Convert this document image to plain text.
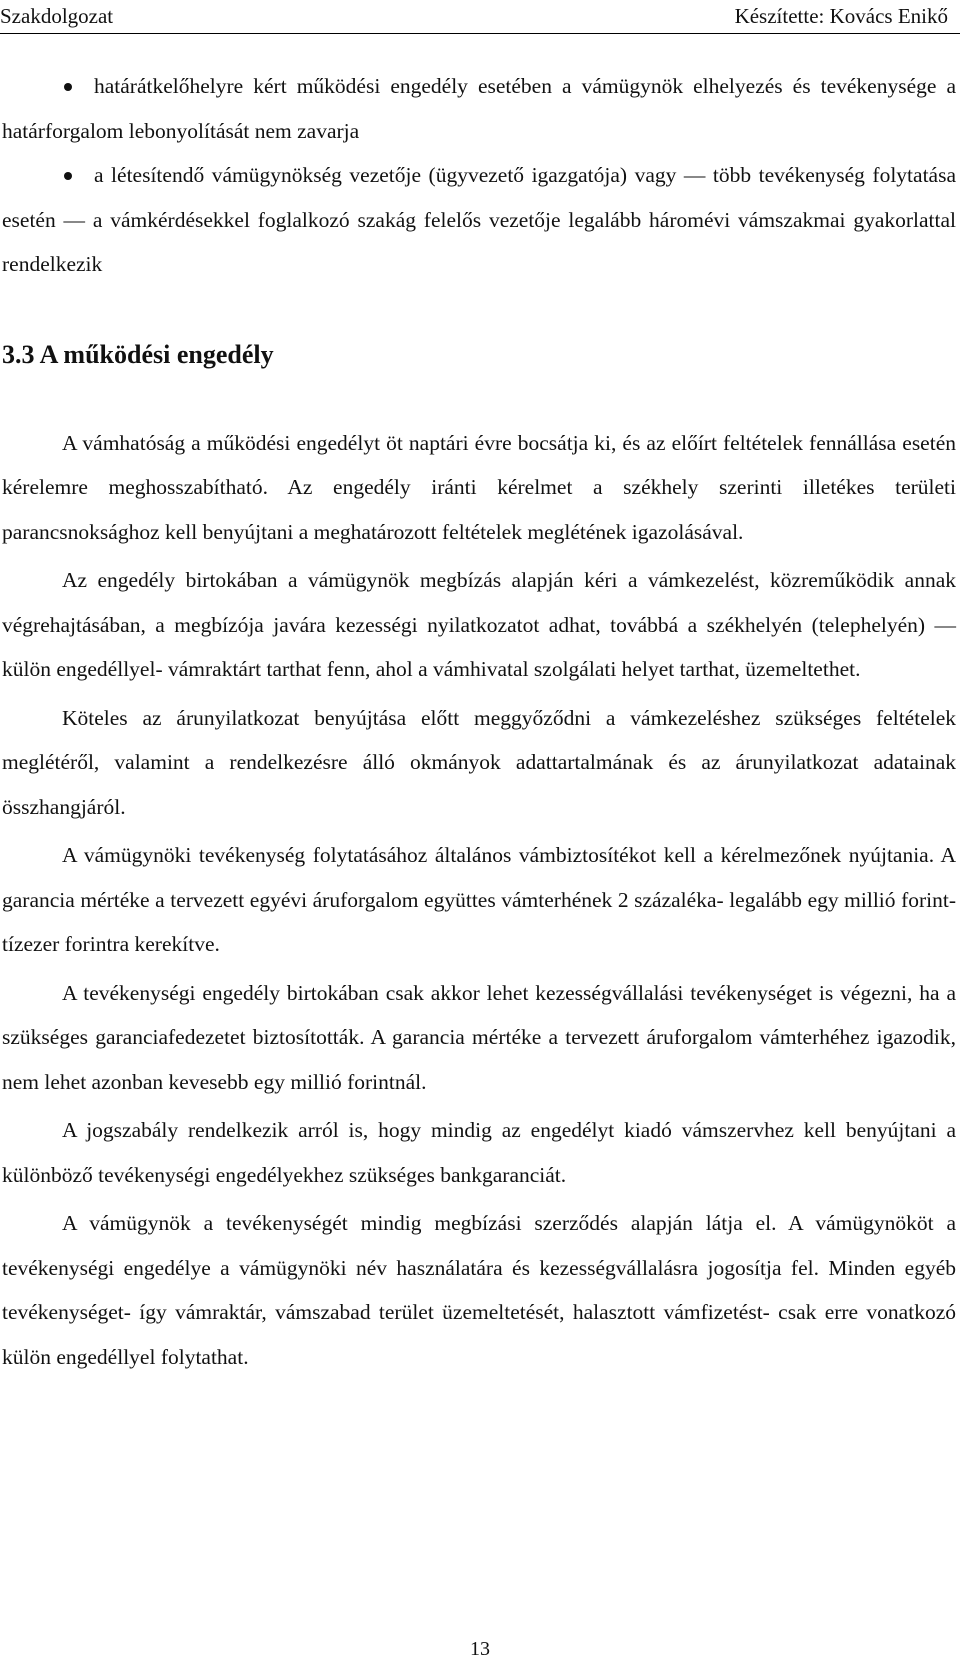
Szakdolgozat	Készítette: Kovács Enikő
határátkelőhelyre kért működési engedély esetében a vámügynök elhelyezés és tevékenysége a határforgalom lebonyolítását nem zavarja
a létesítendő vámügynökség vezetője (ügyvezető igazgatója) vagy — több tevékenység folytatása esetén — a vámkérdésekkel foglalkozó szakág felelős vezetője legalább háromévi vámszakmai gyakorlattal rendelkezik
3.3 A működési engedély

A vámhatóság a működési engedélyt öt naptári évre bocsátja ki, és az előírt feltételek fennállása esetén kérelemre meghosszabítható. Az engedély iránti kérelmet a székhely szerinti illetékes területi parancsnoksághoz kell benyújtani a meghatározott feltételek meglétének igazolásával.

Az engedély birtokában a vámügynök megbízás alapján kéri a vámkezelést, közreműködik annak végrehajtásában, a megbízója javára kezességi nyilatkozatot adhat, továbbá a székhelyén (telephelyén) — külön engedéllyel- vámraktárt tarthat fenn, ahol a vámhivatal szolgálati helyet tarthat, üzemeltethet.

Köteles az árunyilatkozat benyújtása előtt meggyőződni a vámkezeléshez szükséges feltételek meglétéről, valamint a rendelkezésre álló okmányok adattartalmának és az árunyilatkozat adatainak összhangjáról.

A vámügynöki tevékenység folytatásához általános vámbiztosítékot kell a kérelmezőnek nyújtania. A garancia mértéke a tervezett egyévi áruforgalom együttes vámterhének 2 százaléka- legalább egy millió forint- tízezer forintra kerekítve.

A tevékenységi engedély birtokában csak akkor lehet kezességvállalási tevékenységet is végezni, ha a szükséges garanciafedezetet biztosították. A garancia mértéke a tervezett áruforgalom vámterhéhez igazodik, nem lehet azonban kevesebb egy millió forintnál.

A jogszabály rendelkezik arról is, hogy mindig az engedélyt kiadó vámszervhez kell benyújtani a különböző tevékenységi engedélyekhez szükséges bankgaranciát.

A vámügynök a tevékenységét mindig megbízási szerződés alapján látja el. A vámügynököt a tevékenységi engedélye a vámügynöki név használatára és kezességvállalásra jogosítja fel. Minden egyéb tevékenységet- így vámraktár, vámszabad terület üzemeltetését, halasztott vámfizetést- csak erre vonatkozó külön engedéllyel folytathat.

13
